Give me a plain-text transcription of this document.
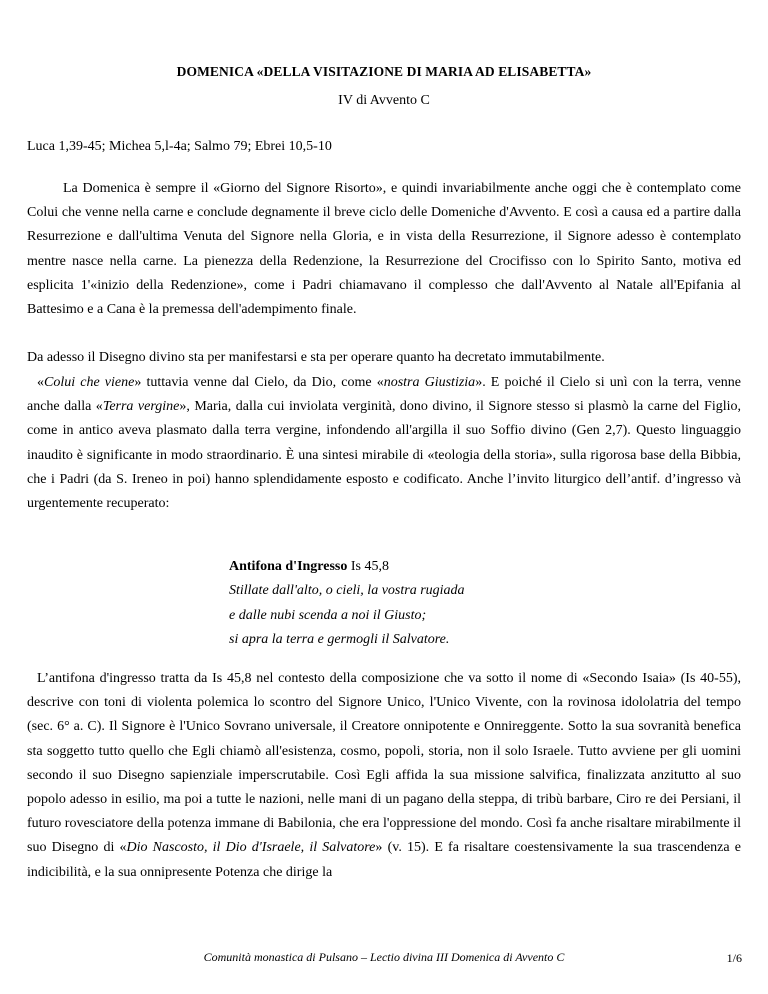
DOMENICA «DELLA VISITAZIONE DI MARIA AD ELISABETTA»
IV di Avvento C
Luca 1,39-45; Michea 5,l-4a; Salmo 79; Ebrei 10,5-10

La Domenica è sempre il «Giorno del Signore Risorto», e quindi invariabilmente anche oggi che è contemplato come Colui che venne nella carne e conclude degnamente il breve ciclo delle Domeniche d'Avvento. E così a causa ed a partire dalla Resurrezione e dall'ultima Venuta del Signore nella Gloria, e in vista della Resurrezione, il Signore adesso è contemplato mentre nasce nella carne. La pienezza della Redenzione, la Resurrezione del Crocifisso con lo Spirito Santo, motiva ed esplicita 1'«inizio della Redenzione», come i Padri chiamavano il complesso che dall'Avvento al Natale all'Epifania al Battesimo e a Cana è la premessa dell'adempimento finale.

Da adesso il Disegno divino sta per manifestarsi e sta per operare quanto ha decretato immutabilmente.

«Colui che viene» tuttavia venne dal Cielo, da Dio, come «nostra Giustizia». E poiché il Cielo si unì con la terra, venne anche dalla «Terra vergine», Maria, dalla cui inviolata verginità, dono divino, il Signore stesso si plasmò la carne del Figlio, come in antico aveva plasmato dalla terra vergine, infondendo all'argilla il suo Soffio divino (Gen 2,7). Questo linguaggio inaudito è significante in modo straordinario. È una sintesi mirabile di «teologia della storia», sulla rigorosa base della Bibbia, che i Padri (da S. Ireneo in poi) hanno splendidamente esposto e codificato. Anche l’invito liturgico dell’antif. d’ingresso và urgentemente recuperato:

Antifona d'Ingresso Is 45,8
Stillate dall'alto, o cieli, la vostra rugiada
e dalle nubi scenda a noi il Giusto;
si apra la terra e germogli il Salvatore.

L’antifona d'ingresso tratta da Is 45,8 nel contesto della composizione che va sotto il nome di «Secondo Isaia» (Is 40-55), descrive con toni di violenta polemica lo scontro del Signore Unico, l'Unico Vivente, con la rovinosa idololatria del tempo (sec. 6° a. C). Il Signore è l'Unico Sovrano universale, il Creatore onnipotente e Onnireggente. Sotto la sua sovranità benefica sta soggetto tutto quello che Egli chiamò all'esistenza, cosmo, popoli, storia, non il solo Israele. Tutto avviene per gli uomini secondo il suo Disegno sapienziale imperscrutabile. Così Egli affida la sua missione salvifica, finalizzata anzitutto al suo popolo adesso in esilio, ma poi a tutte le nazioni, nelle mani di un pagano della steppa, di tribù barbare, Ciro re dei Persiani, il futuro rovesciatore della potenza immane di Babilonia, che era l'oppressione del mondo. Così fa anche risaltare mirabilmente il suo Disegno di «Dio Nascosto, il Dio d'Israele, il Salvatore» (v. 15). E fa risaltare coestensivamente la sua trascendenza e indicibilità, e la sua onnipresente Potenza che dirige la

Comunità monastica di Pulsano – Lectio divina III Domenica di Avvento C	1/6
